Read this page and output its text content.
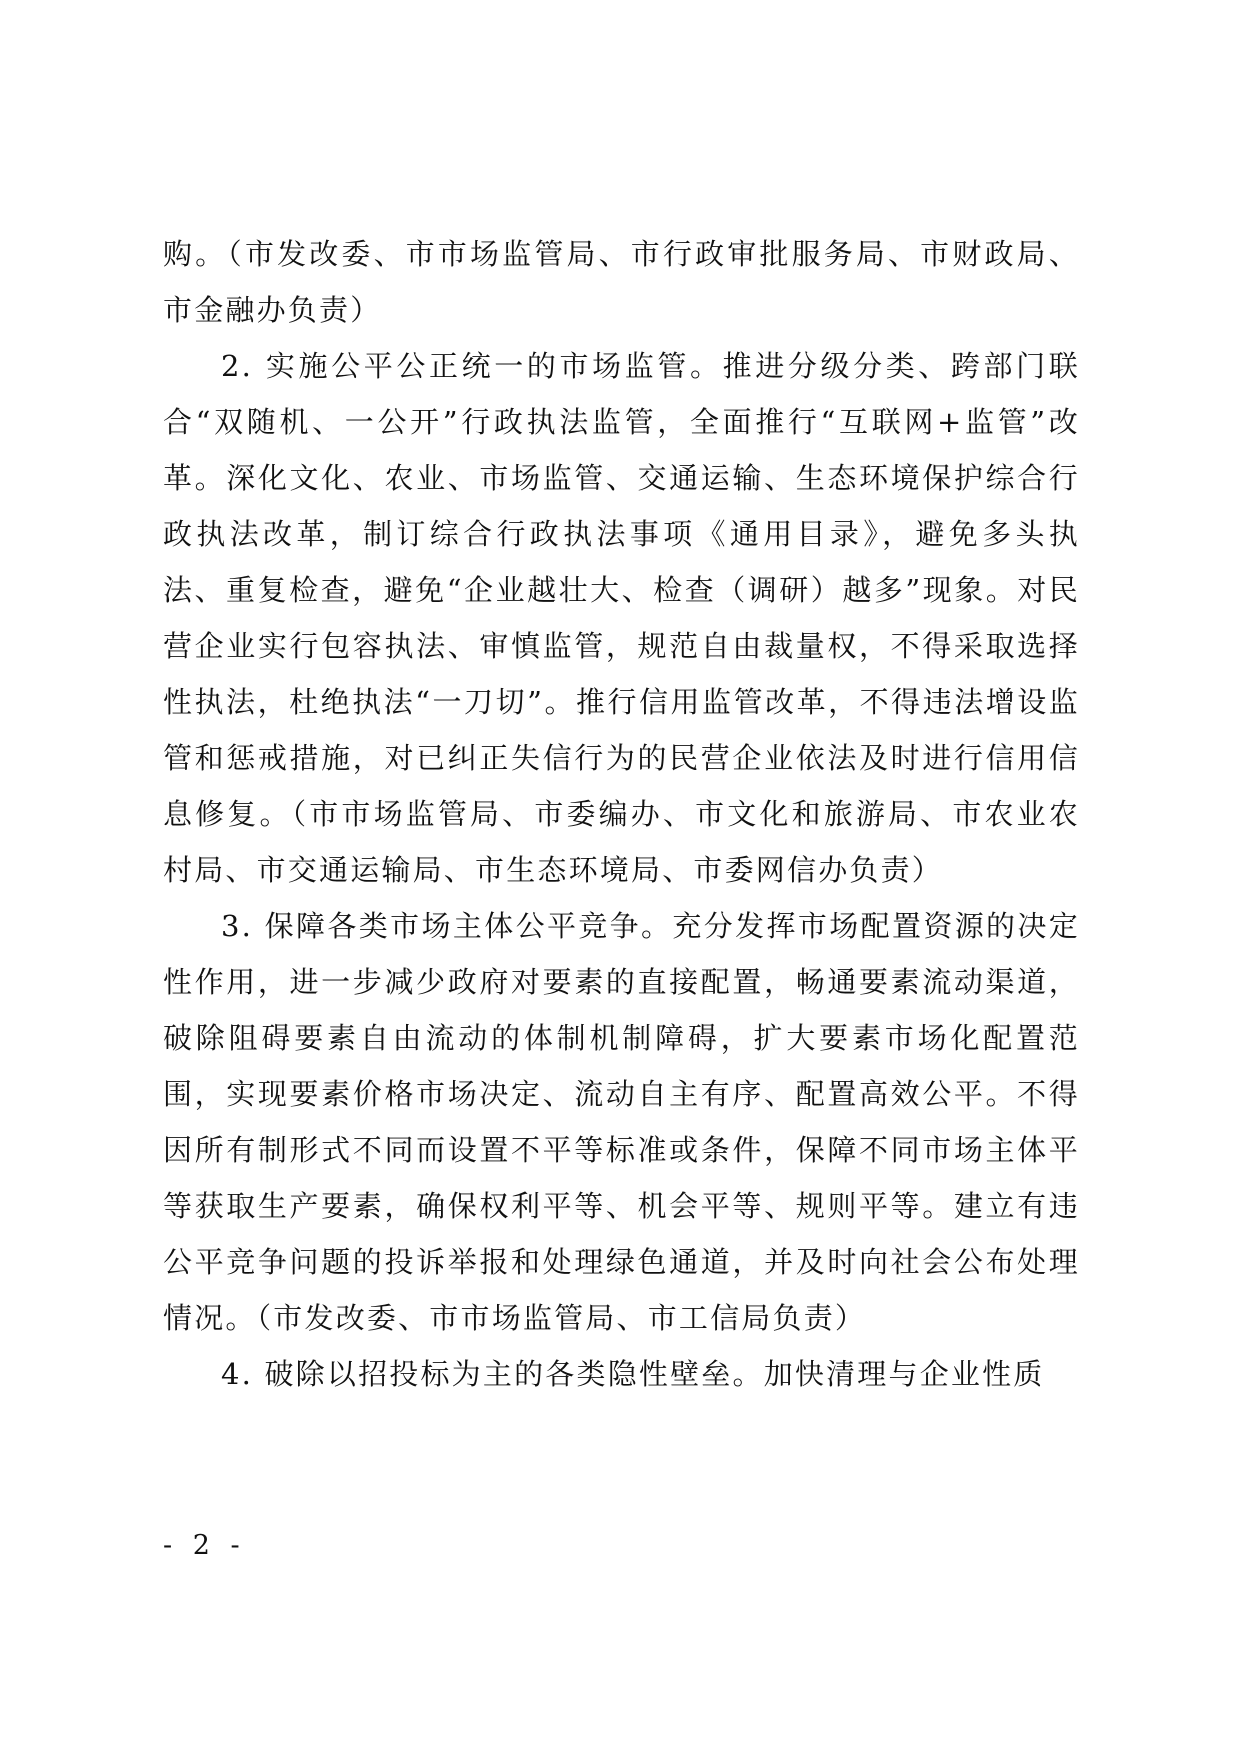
购。（市发改委、市市场监管局、市行政审批服务局、市财政局、市金融办负责）

2. 实施公平公正统一的市场监管。推进分级分类、跨部门联合“双随机、一公开”行政执法监管，全面推行“互联网+监管”改革。深化文化、农业、市场监管、交通运输、生态环境保护综合行政执法改革，制订综合行政执法事项《通用目录》，避免多头执法、重复检查，避免“企业越壮大、检查（调研）越多”现象。对民营企业实行包容执法、审慎监管，规范自由裁量权，不得采取选择性执法，杜绝执法“一刀切”。推行信用监管改革，不得违法增设监管和惩戒措施，对已纠正失信行为的民营企业依法及时进行信用信息修复。（市市场监管局、市委编办、市文化和旅游局、市农业农村局、市交通运输局、市生态环境局、市委网信办负责）

3. 保障各类市场主体公平竞争。充分发挥市场配置资源的决定性作用，进一步减少政府对要素的直接配置，畅通要素流动渠道，破除阻碍要素自由流动的体制机制障碍，扩大要素市场化配置范围，实现要素价格市场决定、流动自主有序、配置高效公平。不得因所有制形式不同而设置不平等标准或条件，保障不同市场主体平等获取生产要素，确保权利平等、机会平等、规则平等。建立有违公平竞争问题的投诉举报和处理绿色通道，并及时向社会公布处理情况。（市发改委、市市场监管局、市工信局负责）

4. 破除以招投标为主的各类隐性壁垒。加快清理与企业性质

- 2 -
